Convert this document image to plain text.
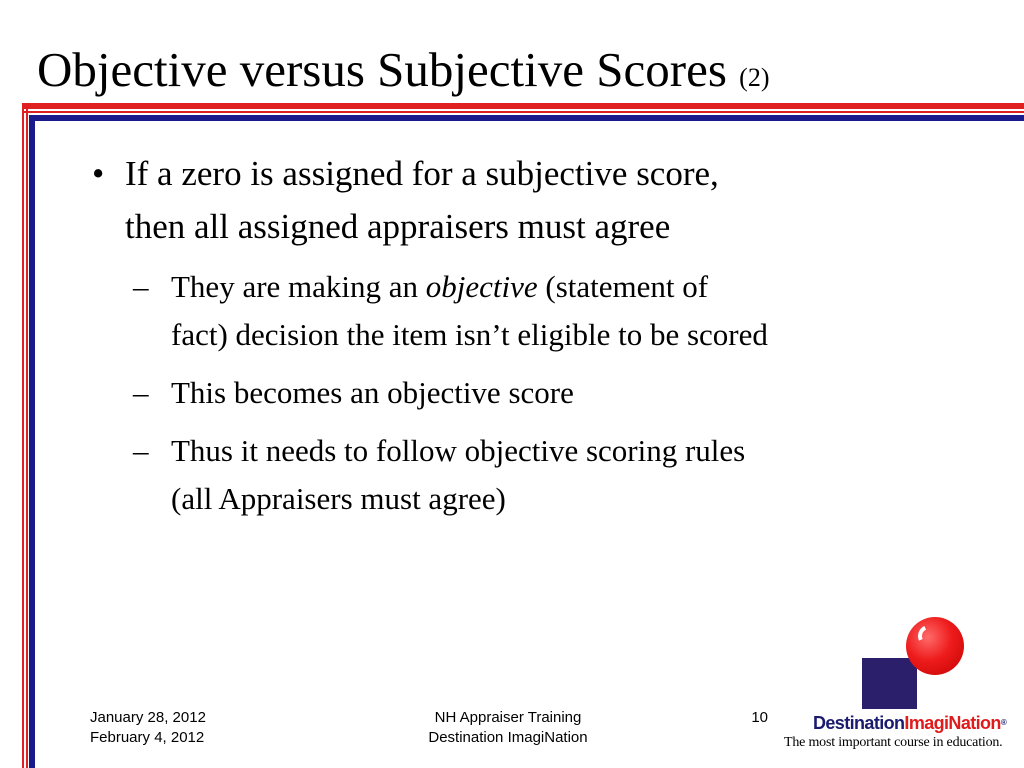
Objective versus Subjective Scores (2)
• If a zero is assigned for a subjective score,
then all assigned appraisers must agree
– They are making an objective (statement of
fact) decision the item isn’t eligible to be scored
– This becomes an objective score
– Thus it needs to follow objective scoring rules
(all Appraisers must agree)
January 28, 2012
February 4, 2012
NH Appraiser Training
Destination ImagiNation
10	DestinationImagiNation®
The most important course in education.
